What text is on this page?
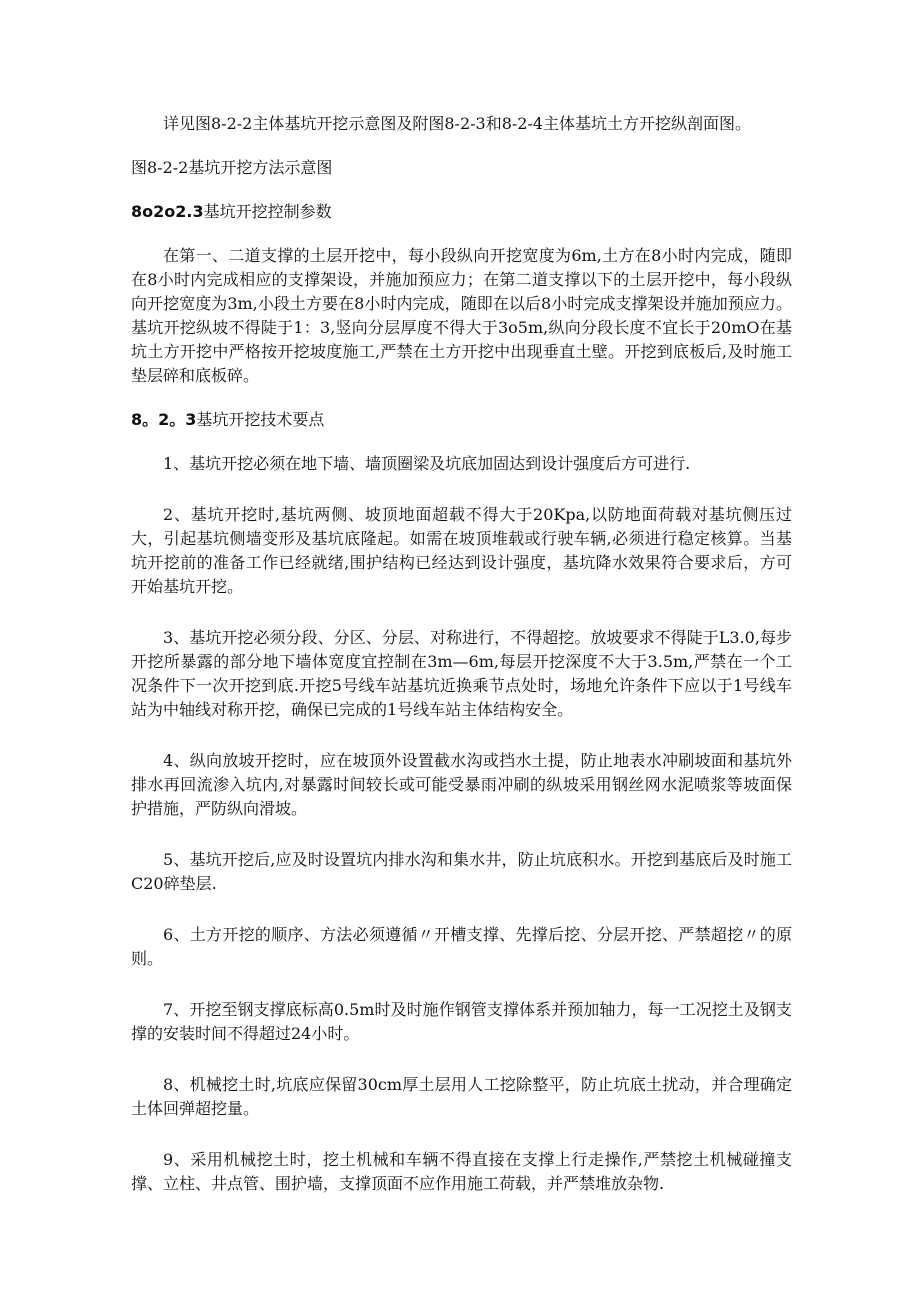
详见图8-2-2主体基坑开挖示意图及附图8-2-3和8-2-4主体基坑土方开挖纵剖面图。

图8-2-2基坑开挖方法示意图

8o2o2.3基坑开挖控制参数

在第一、二道支撑的土层开挖中，每小段纵向开挖宽度为6m,土方在8小时内完成，随即在8小时内完成相应的支撑架设，并施加预应力；在第二道支撑以下的土层开挖中，每小段纵向开挖宽度为3m,小段土方要在8小时内完成，随即在以后8小时完成支撑架设并施加预应力。基坑开挖纵坡不得陡于1：3,竖向分层厚度不得大于3o5m,纵向分段长度不宜长于20mO在基坑土方开挖中严格按开挖坡度施工,严禁在土方开挖中出现垂直土壁。开挖到底板后,及时施工垫层碎和底板碎。

8。2。3基坑开挖技术要点

1、基坑开挖必须在地下墙、墙顶圈梁及坑底加固达到设计强度后方可进行.

2、基坑开挖时,基坑两侧、坡顶地面超载不得大于20Kpa,以防地面荷载对基坑侧压过大，引起基坑侧墙变形及基坑底隆起。如需在坡顶堆载或行驶车辆,必须进行稳定核算。当基坑开挖前的准备工作已经就绪,围护结构已经达到设计强度，基坑降水效果符合要求后，方可开始基坑开挖。

3、基坑开挖必须分段、分区、分层、对称进行，不得超挖。放坡要求不得陡于L3.0,每步开挖所暴露的部分地下墙体宽度宜控制在3m—6m,每层开挖深度不大于3.5m,严禁在一个工况条件下一次开挖到底.开挖5号线车站基坑近换乘节点处时，场地允许条件下应以于1号线车站为中轴线对称开挖，确保已完成的1号线车站主体结构安全。

4、纵向放坡开挖时，应在坡顶外设置截水沟或挡水土提，防止地表水冲刷坡面和基坑外排水再回流渗入坑内,对暴露时间较长或可能受暴雨冲刷的纵坡采用钢丝网水泥喷浆等坡面保护措施，严防纵向滑坡。

5、基坑开挖后,应及时设置坑内排水沟和集水井，防止坑底积水。开挖到基底后及时施工C20碎垫层.

6、土方开挖的顺序、方法必须遵循〃开槽支撑、先撑后挖、分层开挖、严禁超挖〃的原则。

7、开挖至钢支撑底标高0.5m时及时施作钢管支撑体系并预加轴力，每一工况挖土及钢支撑的安装时间不得超过24小时。

8、机械挖土时,坑底应保留30cm厚土层用人工挖除整平，防止坑底土扰动，并合理确定土体回弹超挖量。

9、采用机械挖土时，挖土机械和车辆不得直接在支撑上行走操作,严禁挖土机械碰撞支撑、立柱、井点管、围护墙，支撑顶面不应作用施工荷载，并严禁堆放杂物.
